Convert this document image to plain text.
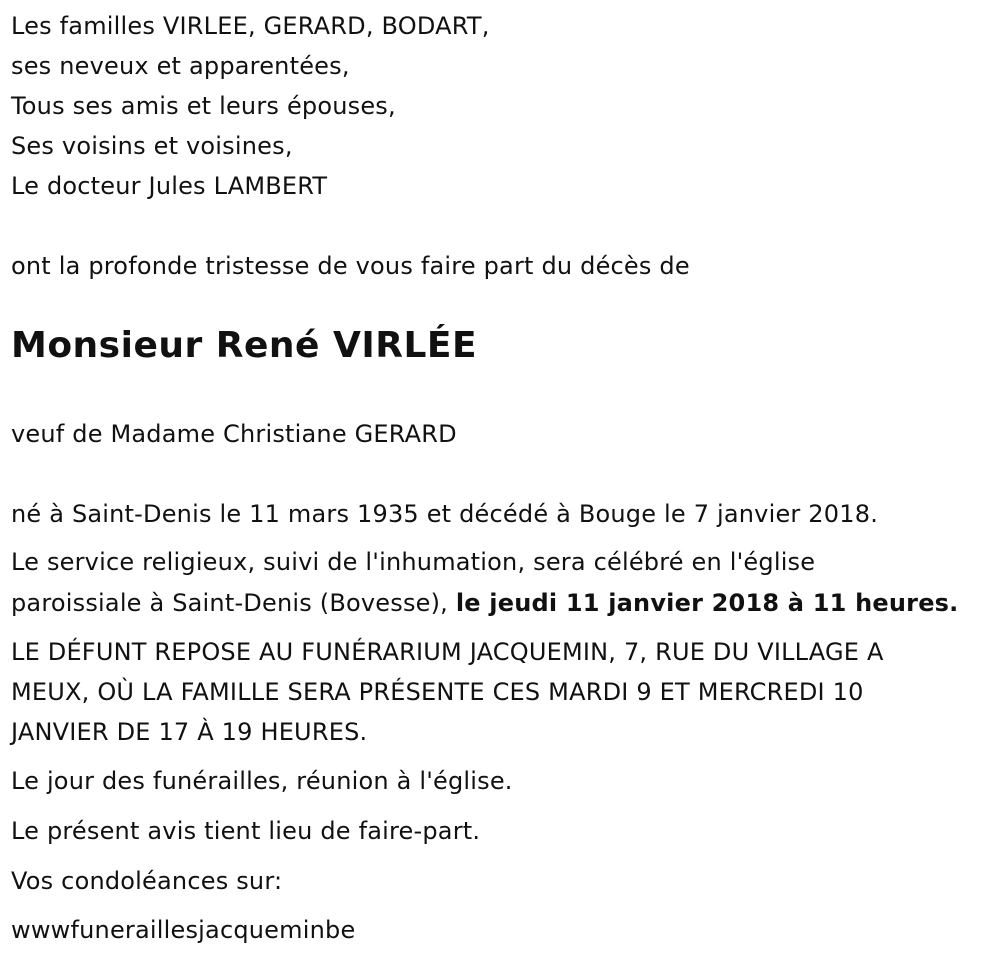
Les familles VIRLEE, GERARD, BODART,
ses neveux et apparentées,
Tous ses amis et leurs épouses,
Ses voisins et voisines,
Le docteur Jules LAMBERT
ont la profonde tristesse de vous faire part du décès de
Monsieur René VIRLÉE
veuf de Madame Christiane GERARD
né à Saint-Denis le 11 mars 1935 et décédé à Bouge le 7 janvier 2018.
Le service religieux, suivi de l'inhumation, sera célébré en l'église
paroissiale à Saint-Denis (Bovesse), le jeudi 11 janvier 2018 à 11 heures.
LE DÉFUNT REPOSE AU FUNÉRARIUM JACQUEMIN, 7, RUE DU VILLAGE A
MEUX, OÙ LA FAMILLE SERA PRÉSENTE CES MARDI 9 ET MERCREDI 10
JANVIER DE 17 À 19 HEURES.
Le jour des funérailles, réunion à l'église.
Le présent avis tient lieu de faire-part.
Vos condoléances sur:
wwwfuneraillesjacqueminbe
